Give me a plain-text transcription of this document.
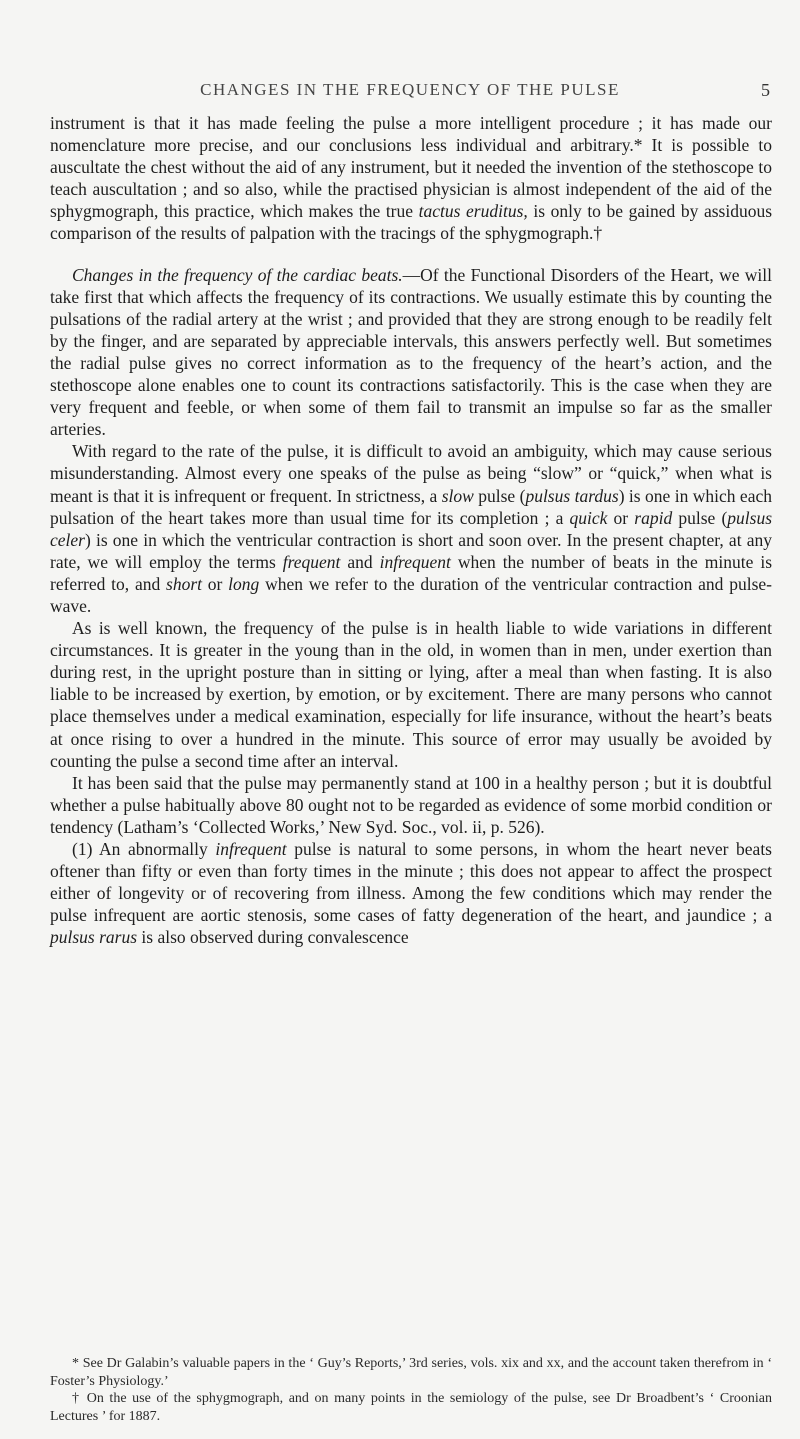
CHANGES IN THE FREQUENCY OF THE PULSE	5

instrument is that it has made feeling the pulse a more intelligent procedure ; it has made our nomenclature more precise, and our conclusions less individual and arbitrary.* It is possible to auscultate the chest without the aid of any instrument, but it needed the invention of the stethoscope to teach auscultation ; and so also, while the practised physician is almost independent of the aid of the sphygmograph, this practice, which makes the true tactus eruditus, is only to be gained by assiduous comparison of the results of palpation with the tracings of the sphygmograph.†

Changes in the frequency of the cardiac beats.—Of the Functional Disorders of the Heart, we will take first that which affects the frequency of its contractions. We usually estimate this by counting the pulsations of the radial artery at the wrist ; and provided that they are strong enough to be readily felt by the finger, and are separated by appreciable intervals, this answers perfectly well. But sometimes the radial pulse gives no correct information as to the frequency of the heart’s action, and the stethoscope alone enables one to count its contractions satisfactorily. This is the case when they are very frequent and feeble, or when some of them fail to transmit an impulse so far as the smaller arteries.

With regard to the rate of the pulse, it is difficult to avoid an ambiguity, which may cause serious misunderstanding. Almost every one speaks of the pulse as being “slow” or “quick,” when what is meant is that it is infrequent or frequent. In strictness, a slow pulse (pulsus tardus) is one in which each pulsation of the heart takes more than usual time for its completion ; a quick or rapid pulse (pulsus celer) is one in which the ventricular contraction is short and soon over. In the present chapter, at any rate, we will employ the terms frequent and infrequent when the number of beats in the minute is referred to, and short or long when we refer to the duration of the ventricular contraction and pulse-wave.

As is well known, the frequency of the pulse is in health liable to wide variations in different circumstances. It is greater in the young than in the old, in women than in men, under exertion than during rest, in the upright posture than in sitting or lying, after a meal than when fasting. It is also liable to be increased by exertion, by emotion, or by excitement. There are many persons who cannot place themselves under a medical examination, especially for life insurance, without the heart’s beats at once rising to over a hundred in the minute. This source of error may usually be avoided by counting the pulse a second time after an interval.

It has been said that the pulse may permanently stand at 100 in a healthy person ; but it is doubtful whether a pulse habitually above 80 ought not to be regarded as evidence of some morbid condition or tendency (Latham’s ‘Collected Works,’ New Syd. Soc., vol. ii, p. 526).

(1) An abnormally infrequent pulse is natural to some persons, in whom the heart never beats oftener than fifty or even than forty times in the minute ; this does not appear to affect the prospect either of longevity or of recovering from illness. Among the few conditions which may render the pulse infrequent are aortic stenosis, some cases of fatty degeneration of the heart, and jaundice ; a pulsus rarus is also observed during convalescence

* See Dr Galabin’s valuable papers in the ‘ Guy’s Reports,’ 3rd series, vols. xix and xx, and the account taken therefrom in ‘ Foster’s Physiology.’

† On the use of the sphygmograph, and on many points in the semiology of the pulse, see Dr Broadbent’s ‘ Croonian Lectures ’ for 1887.
